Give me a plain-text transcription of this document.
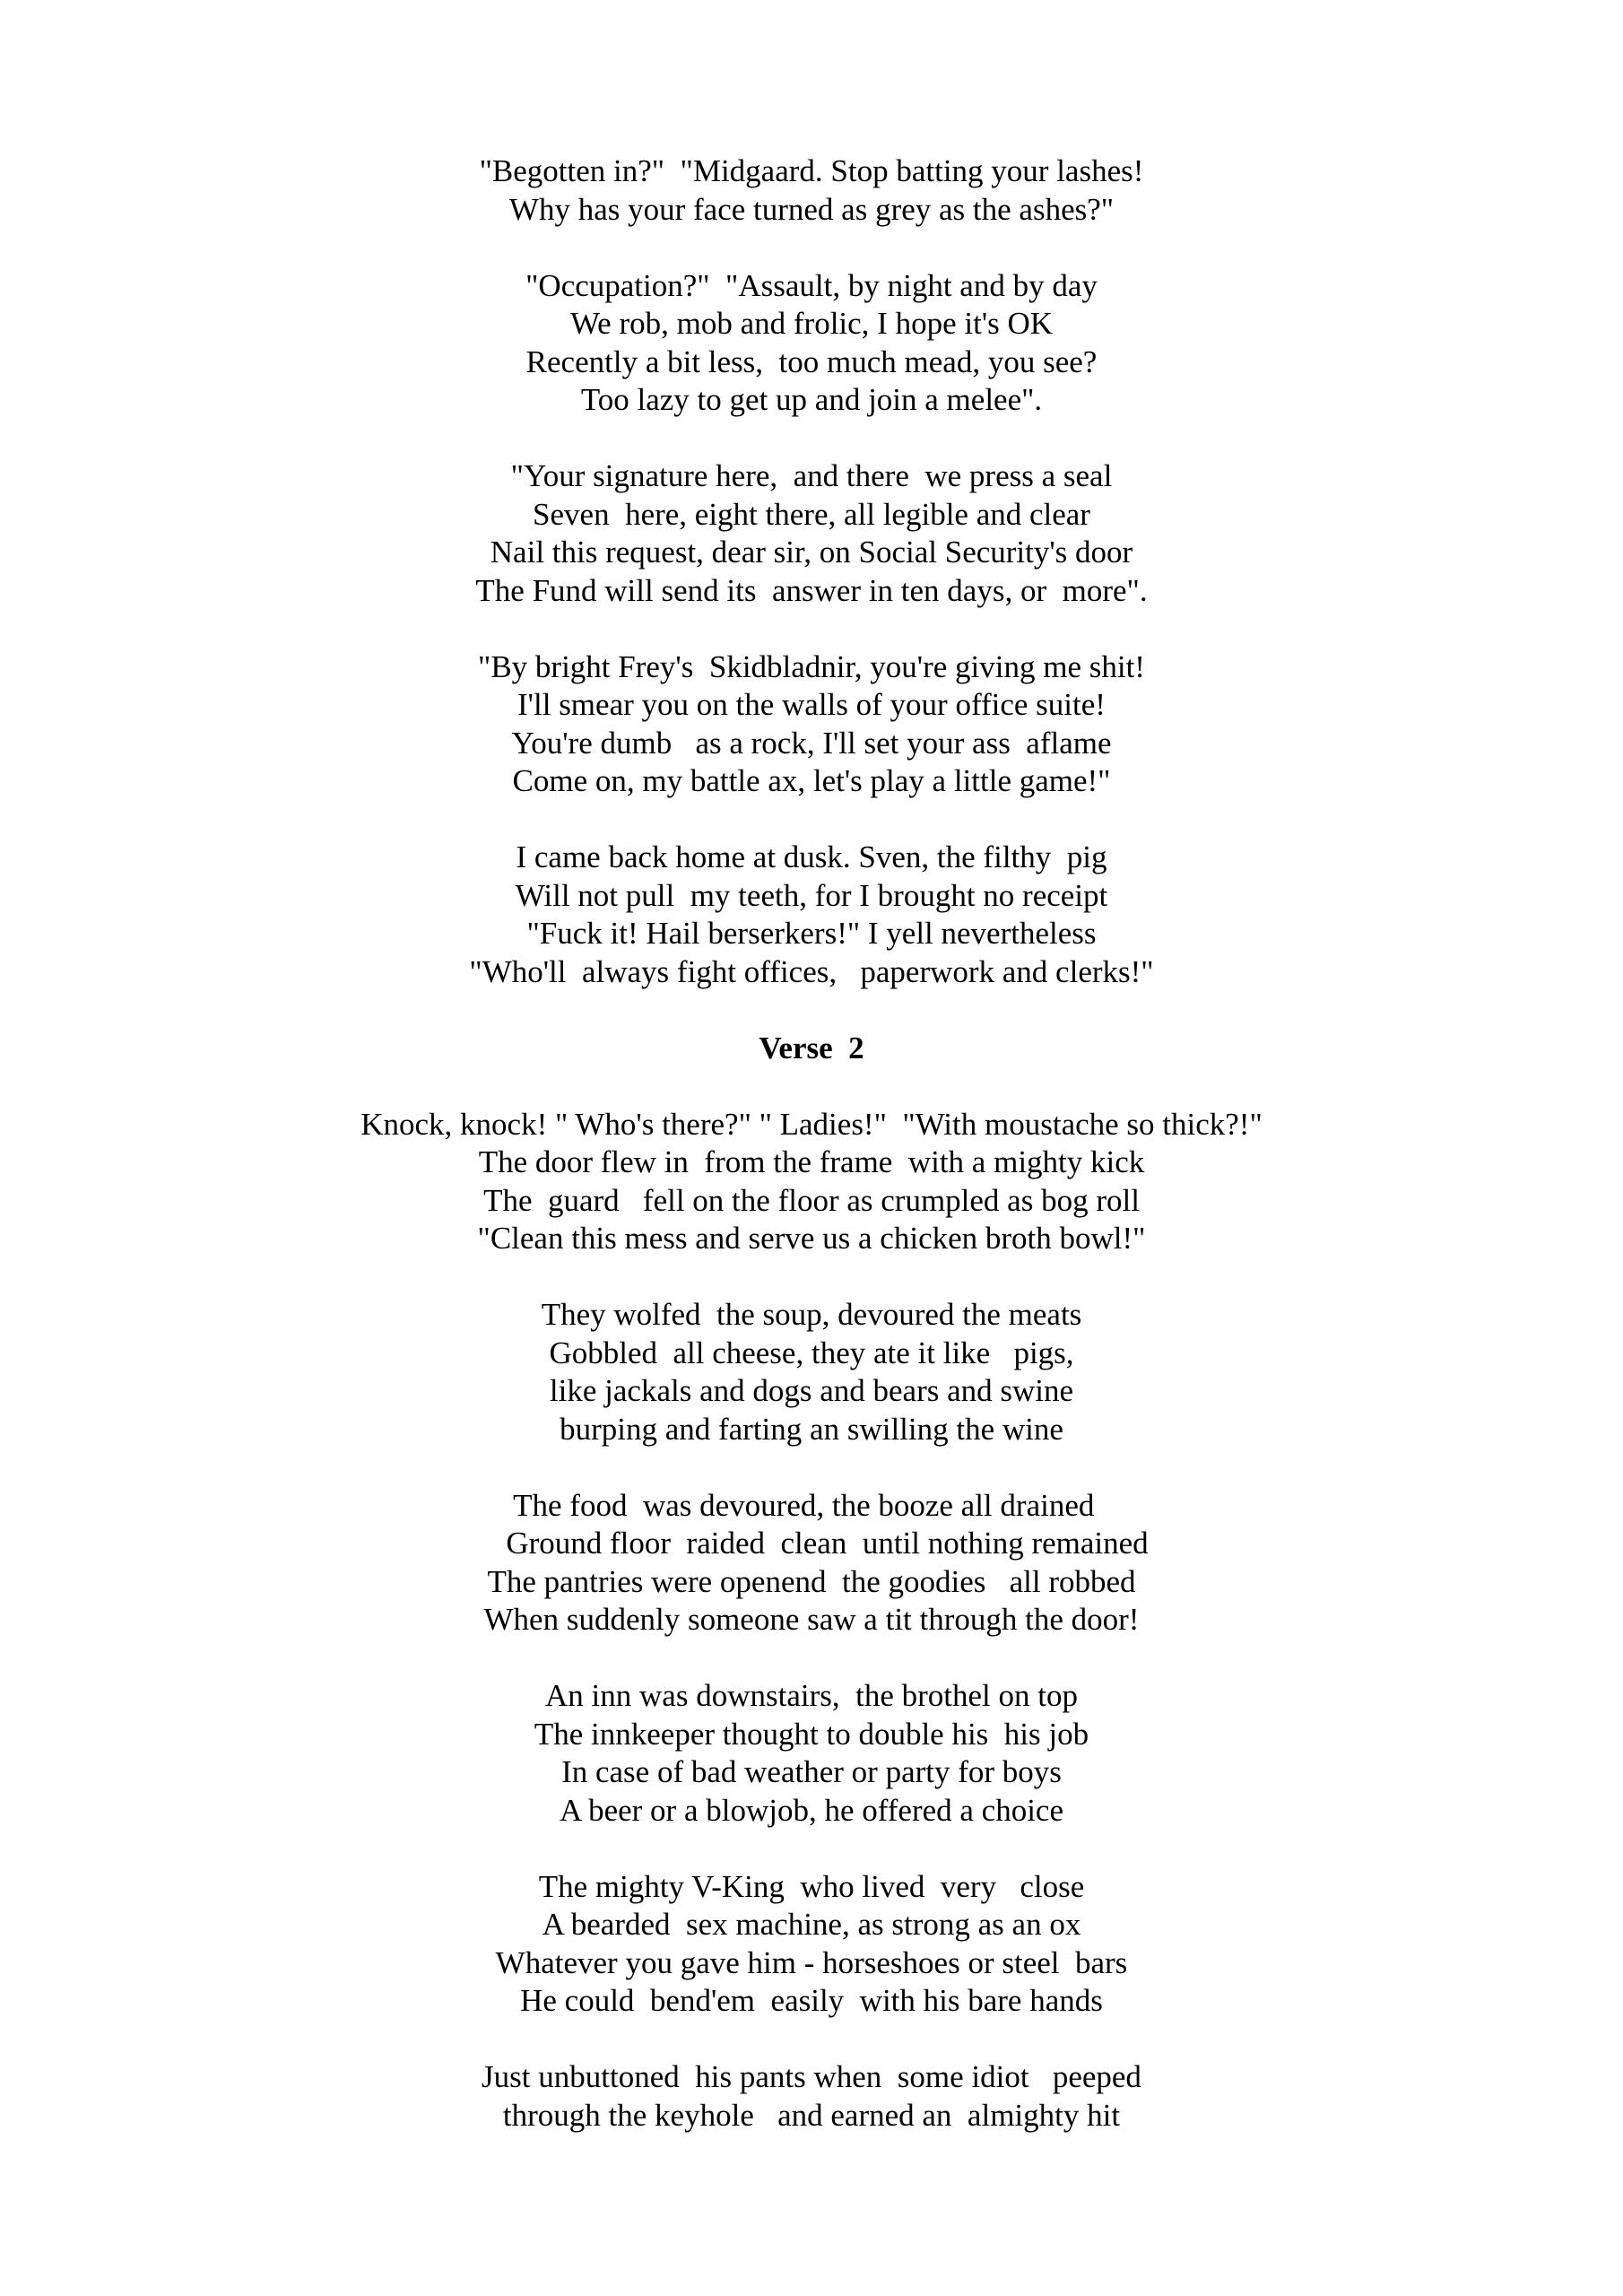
"Begotten in?"  "Midgaard. Stop batting your lashes!
Why has your face turned as grey as the ashes?"
"Occupation?"  "Assault, by night and by day
We rob, mob and frolic, I hope it's OK
Recently a bit less,  too much mead, you see?
Too lazy to get up and join a melee".
"Your signature here,  and there  we press a seal
Seven  here, eight there, all legible and clear
Nail this request, dear sir, on Social Security's door
The Fund will send its  answer in ten days, or  more".
"By bright Frey's  Skidbladnir, you're giving me shit!
I'll smear you on the walls of your office suite!
You're dumb   as a rock, I'll set your ass  aflame
Come on, my battle ax, let's play a little game!"
I came back home at dusk. Sven, the filthy  pig
Will not pull  my teeth, for I brought no receipt
"Fuck it! Hail berserkers!" I yell nevertheless
"Who'll  always fight offices,   paperwork and clerks!"
Verse  2
Knock, knock! " Who's there?" " Ladies!"  "With moustache so thick?!"
The door flew in  from the frame  with a mighty kick
The  guard   fell on the floor as crumpled as bog roll
"Clean this mess and serve us a chicken broth bowl!"
They wolfed  the soup, devoured the meats
Gobbled  all cheese, they ate it like   pigs,
like jackals and dogs and bears and swine
burping and farting an swilling the wine
The food  was devoured, the booze all drained
Ground floor  raided  clean  until nothing remained
The pantries were openend  the goodies   all robbed
When suddenly someone saw a tit through the door!
An inn was downstairs,  the brothel on top
The innkeeper thought to double his  his job
In case of bad weather or party for boys
A beer or a blowjob, he offered a choice
The mighty V-King  who lived  very   close
A bearded  sex machine, as strong as an ox
Whatever you gave him - horseshoes or steel  bars
He could  bend'em  easily  with his bare hands
Just unbuttoned  his pants when  some idiot   peeped
through the keyhole   and earned an  almighty hit
